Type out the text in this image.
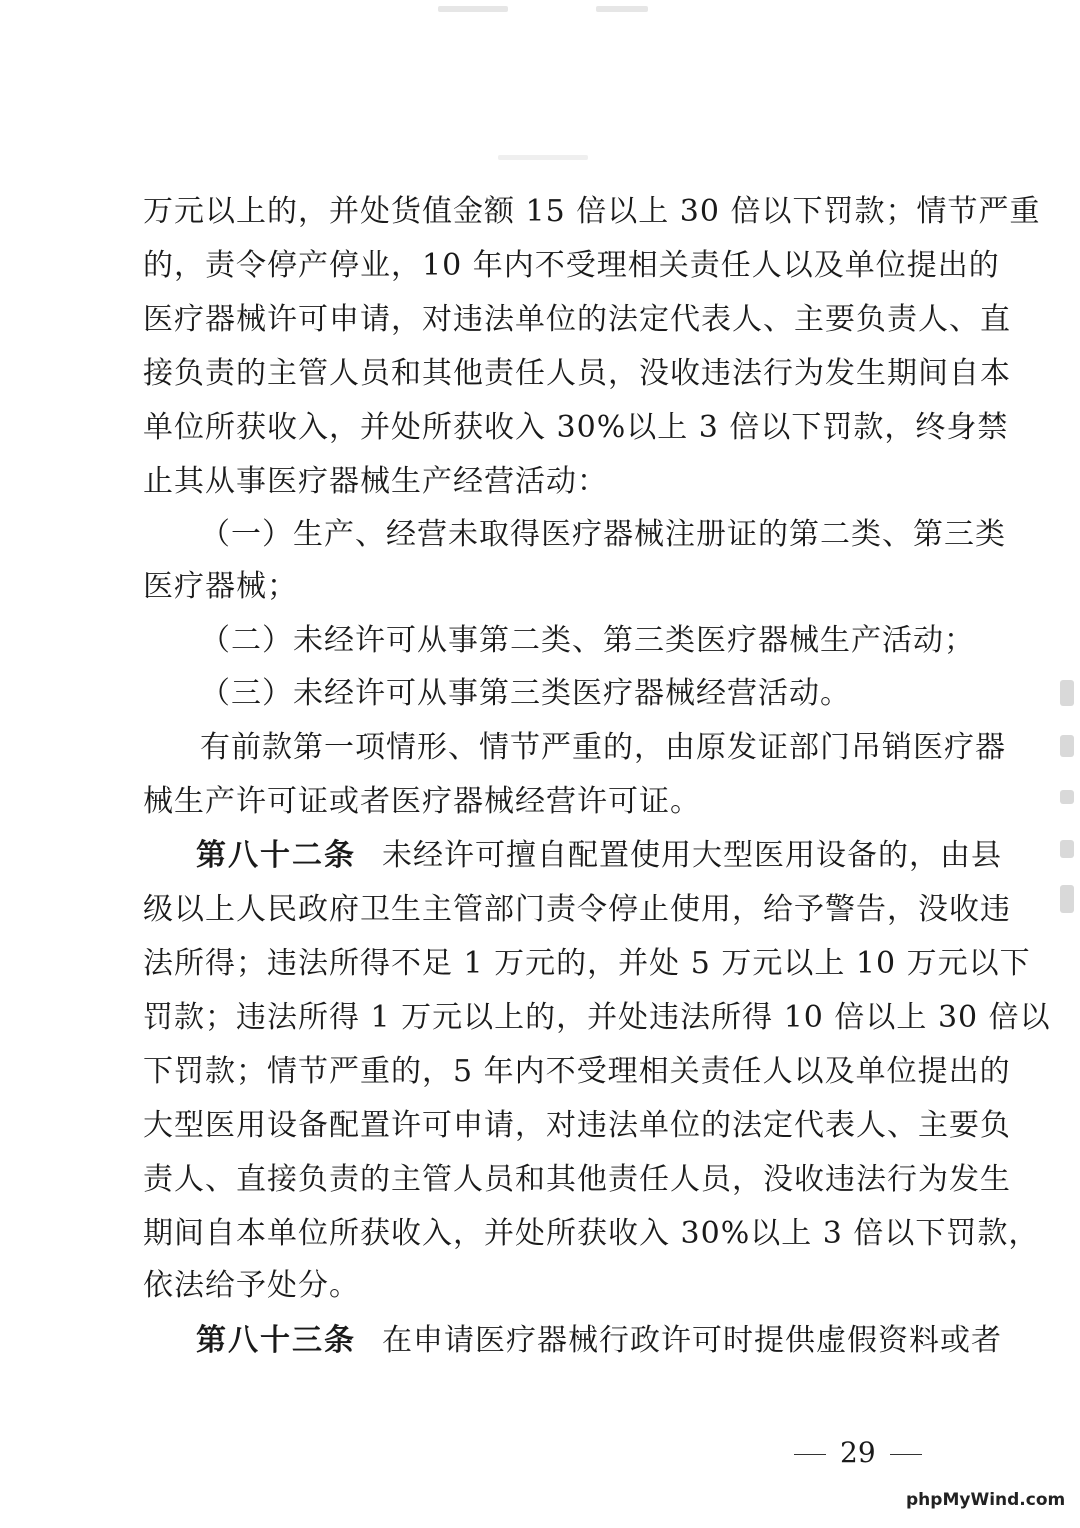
万元以上的，并处货值金额 15 倍以上 30 倍以下罚款；情节严重
的，责令停产停业，10 年内不受理相关责任人以及单位提出的
医疗器械许可申请，对违法单位的法定代表人、主要负责人、直
接负责的主管人员和其他责任人员，没收违法行为发生期间自本
单位所获收入，并处所获收入 30%以上 3 倍以下罚款，终身禁
止其从事医疗器械生产经营活动：
（一）生产、经营未取得医疗器械注册证的第二类、第三类
医疗器械；
（二）未经许可从事第二类、第三类医疗器械生产活动；
（三）未经许可从事第三类医疗器械经营活动。
有前款第一项情形、情节严重的，由原发证部门吊销医疗器
械生产许可证或者医疗器械经营许可证。
第八十二条 未经许可擅自配置使用大型医用设备的，由县
级以上人民政府卫生主管部门责令停止使用，给予警告，没收违
法所得；违法所得不足 1 万元的，并处 5 万元以上 10 万元以下
罚款；违法所得 1 万元以上的，并处违法所得 10 倍以上 30 倍以
下罚款；情节严重的，5 年内不受理相关责任人以及单位提出的
大型医用设备配置许可申请，对违法单位的法定代表人、主要负
责人、直接负责的主管人员和其他责任人员，没收违法行为发生
期间自本单位所获收入，并处所获收入 30%以上 3 倍以下罚款，
依法给予处分。
第八十三条 在申请医疗器械行政许可时提供虚假资料或者
29
phpMyWind.com
